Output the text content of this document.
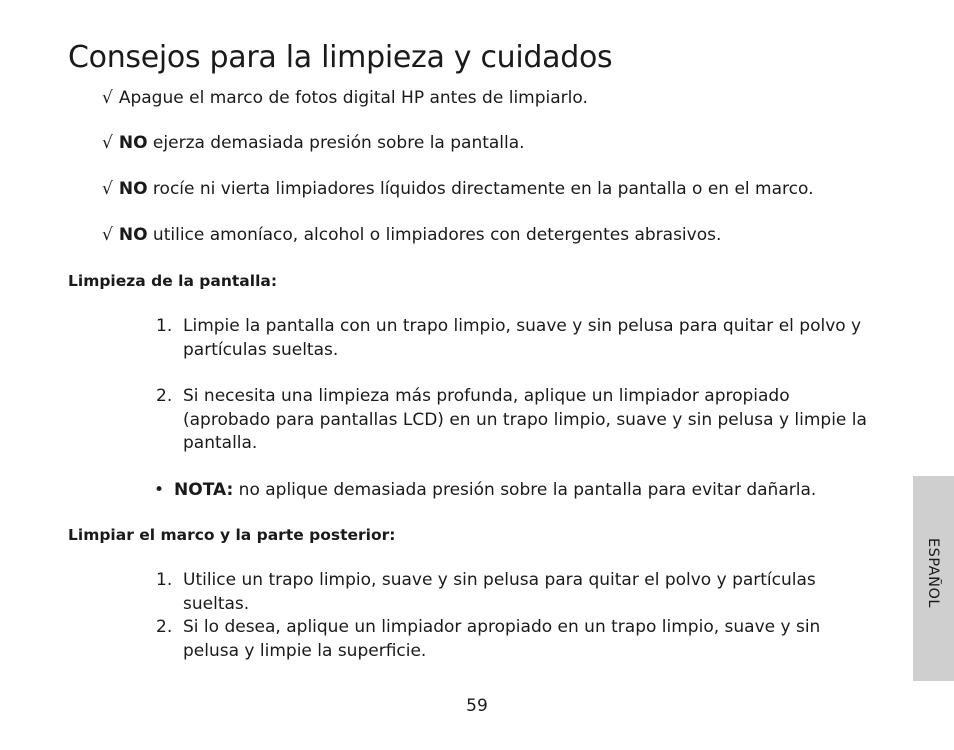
Consejos para la limpieza y cuidados
√ Apague el marco de fotos digital HP antes de limpiarlo.
√ NO ejerza demasiada presión sobre la pantalla.
√ NO rocíe ni vierta limpiadores líquidos directamente en la pantalla o en el marco.
√ NO utilice amoníaco, alcohol o limpiadores con detergentes abrasivos.
Limpieza de la pantalla:
1. Limpie la pantalla con un trapo limpio, suave y sin pelusa para quitar el polvo y partículas sueltas.
2. Si necesita una limpieza más profunda, aplique un limpiador apropiado (aprobado para pantallas LCD) en un trapo limpio, suave y sin pelusa y limpie la pantalla.
• NOTA: no aplique demasiada presión sobre la pantalla para evitar dañarla.
Limpiar el marco y la parte posterior:
1. Utilice un trapo limpio, suave y sin pelusa para quitar el polvo y partículas sueltas.
2. Si lo desea, aplique un limpiador apropiado en un trapo limpio, suave y sin pelusa y limpie la superficie.
ESPAÑOL
59
